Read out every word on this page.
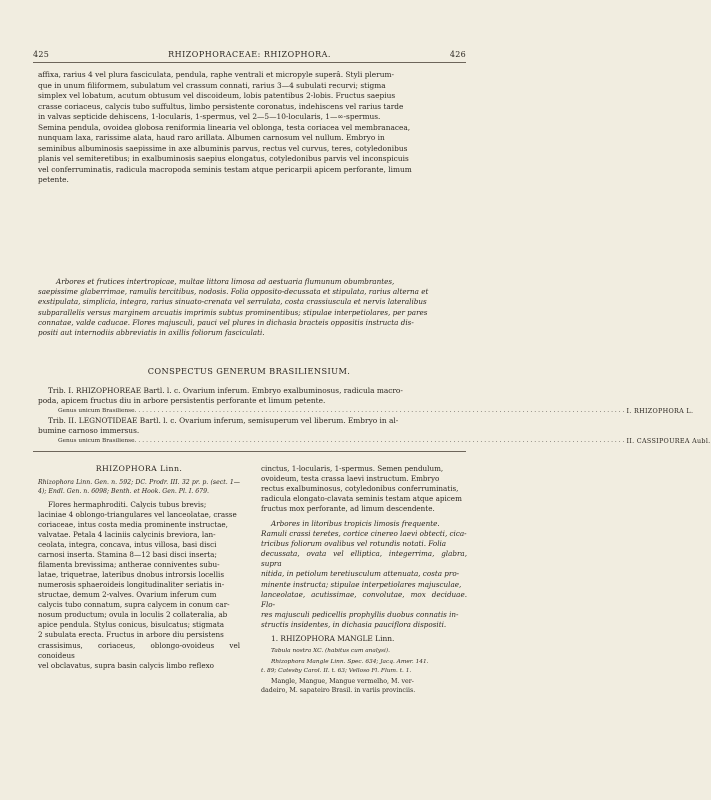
425	RHIZOPHORACEAE: RHIZOPHORA.	426

affixa, rarius 4 vel plura fasciculata, pendula, raphe ventrali et micropyle superâ. Styli plerum-

que in unum filiformem, subulatum vel crassum connati, rarius 3—4 subulati recurvi; stigma

simplex vel lobatum, acutum obtusum vel discoideum, lobis patentibus 2-lobis. Fructus saepius

crasse coriaceus, calycis tubo suffultus, limbo persistente coronatus, indehiscens vel rarius tarde

in valvas septicide dehiscens, 1-locularis, 1-spermus, vel 2—5—10-locularis, 1—∞-spermus.

Semina pendula, ovoidea globosa reniformia linearia vel oblonga, testa coriacea vel membranacea,

nunquam laxa, rarissime alata, haud raro arillata. Albumen carnosum vel nullum. Embryo in

seminibus albuminosis saepissime in axe albuminis parvus, rectus vel curvus, teres, cotyledonibus

planis vel semiteretibus; in exalbuminosis saepius elongatus, cotyledonibus parvis vel inconspicuis

vel conferruminatis, radicula macropoda seminis testam atque pericarpii apicem perforante, limum

petente.

Arbores et frutices intertropicae, multae littora limosa ad aestuaria flumunum obumbrantes,

saepissime glaberrimae, ramulis tercitibus, nodosis. Folia opposito-decussata et stipulata, rarius alterna et

exstipulata, simplicia, integra, rarius sinuato-crenata vel serrulata, costa crassiuscula et nervis lateralibus

subparallelis versus marginem arcuatis imprimis subtus prominentibus; stipulae interpetiolares, per pares

connatae, valde caducae. Flores majusculi, pauci vel plures in dichasia bracteis oppositis instructa dis-

positi aut internodiis abbreviatis in axillis foliorum fasciculati.

CONSPECTUS GENERUM BRASILIENSIUM.

Trib. I. RHIZOPHOREAE Bartl. l. c. Ovarium inferum. Embryo exalbuminosus, radicula macro-

poda, apicem fructus diu in arbore persistentis perforante et limum petente.

Genus unicum Brasiliense ................................................................................................................................ I. RHIZOPHORA L.

Trib. II. LEGNOTIDEAE Bartl. l. c. Ovarium inferum, semisuperum vel liberum. Embryo in al-

bumine carnoso immersus.

Genus unicum Brasiliense ................................................................................................................................ II. CASSIPOUREA Aubl.

RHIZOPHORA Linn.

Rhizophora Linn. Gen. n. 592; DC. Prodr. III. 32 pr. p. (sect. 1—4); Endl. Gen. n. 6098; Benth. et Hook. Gen. Pl. I. 679.

Flores hermaphroditi. Calycis tubus brevis;

laciniae 4 oblongo-triangulares vel lanceolatae, crasse

coriaceae, intus costa media prominente instructae,

valvatae. Petala 4 laciniis calycinis breviora, lan-

ceolata, integra, concava, intus villosa, basi disci

carnosi inserta. Stamina 8—12 basi disci inserta;

filamenta brevissima; antherae conniventes subu-

latae, triquetrae, lateribus dnobus introrsis locellis

numerosis sphaeroideis longitudinaliter seriatis in-

structae, demum 2-valves. Ovarium inferum cum

calycis tubo connatum, supra calycem in conum car-

nosum productum; ovula in loculis 2 collateralia, ab

apice pendula. Stylus conicus, bisulcatus; stigmata

2 subulata erecta. Fructus in arbore diu persistens

crassisimus, coriaceus, oblongo-ovoideus vel conoideus

vel obclavatus, supra basin calycis limbo reflexo

cinctus, 1-locularis, 1-spermus. Semen pendulum,

ovoideum, testa crassa laevi instructum. Embryo

rectus exalbuminosus, cotyledonibus conferruminatis,

radicula elongato-clavata seminis testam atque apicem

fructus mox perforante, ad limum descendente.

Arbores in litoribus tropicis limosis frequente.

Ramuli crassi teretes, cortice cinereo laevi obtecti, cica-

tricibus foliorum ovalibus vel rotundis notati. Folia

decussata, ovata vel elliptica, integerrima, glabra, supra

nitida, in petiolum teretiusculum attenuata, costa pro-

minente instructa; stipulae interpetiolares majusculae,

lanceolatae, acutissimae, convolutae, mox deciduae. Flo-

res majusculi pedicellis prophyllis duobus connatis in-

structis insidentes, in dichasia pauciflora dispositi.

1. RHIZOPHORA MANGLE Linn.

Tabula nostra XC. (habitus cum analysi).

Rhizophora Mangle Linn. Spec. 634; Jacq. Amer. 141.

t. 89; Catesby Carol. II. t. 63; Velloso Fl. Flum. t. 1.

Mangle, Mangue, Mangue vermelho, M. ver-

dadeiro, M. sapateiro Brasil. in variis provinciis.
